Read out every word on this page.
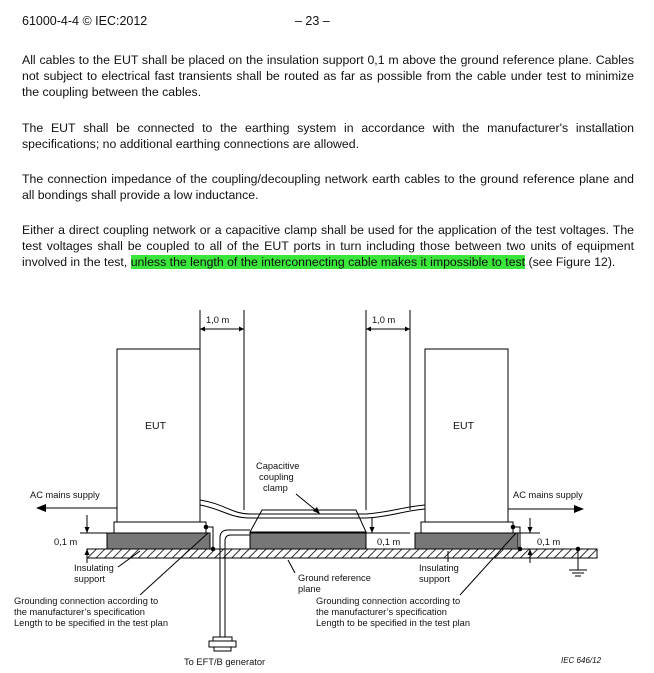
61000-4-4 © IEC:2012	– 23 –

All cables to the EUT shall be placed on the insulation support 0,1 m above the ground reference plane. Cables not subject to electrical fast transients shall be routed as far as possible from the cable under test to minimize the coupling between the cables.

The EUT shall be connected to the earthing system in accordance with the manufacturer's installation specifications; no additional earthing connections are allowed.

The connection impedance of the coupling/decoupling network earth cables to the ground reference plane and all bondings shall provide a low inductance.

Either a direct coupling network or a capacitive clamp shall be used for the application of the test voltages. The test voltages shall be coupled to all of the EUT ports in turn including those between two units of equipment involved in the test, unless the length of the interconnecting cable makes it impossible to test (see Figure 12).

1,0 m	1,0 m
EUT	EUT
To EFT/B generator
AC mains supply	AC mains supply
Capacitive
coupling
clamp
0,1 m	0,1 m	0,1 m
Insulating
support
Insulating
support
Ground reference
plane
Grounding connection according to
the manufacturer’s specification
Length to be specified in the test plan
Grounding connection according to
the manufacturer’s specification
Length to be specified in the test plan
IEC 646/12
